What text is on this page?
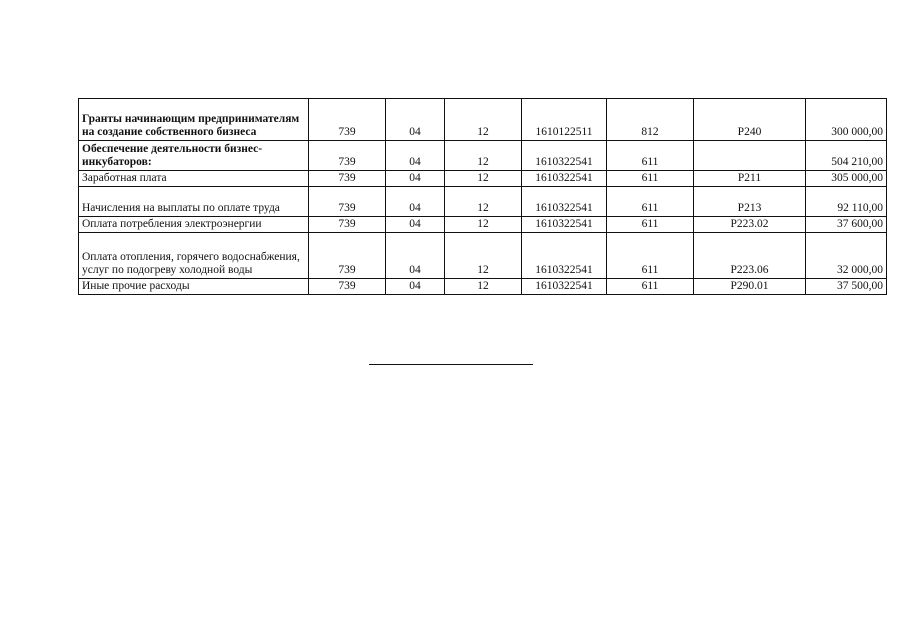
Гранты начинающим предпринимателям на создание собственного бизнеса	739	04	12	1610122511	812	Р240	300 000,00
Обеспечение деятельности бизнес-инкубаторов:	739	04	12	1610322541	611		504 210,00
Заработная плата	739	04	12	1610322541	611	Р211	305 000,00
Начисления на выплаты по оплате труда	739	04	12	1610322541	611	Р213	92 110,00
Оплата потребления электроэнергии	739	04	12	1610322541	611	Р223.02	37 600,00
Оплата отопления, горячего водоснабжения, услуг по подогреву холодной воды	739	04	12	1610322541	611	Р223.06	32 000,00
Иные прочие расходы	739	04	12	1610322541	611	Р290.01	37 500,00
